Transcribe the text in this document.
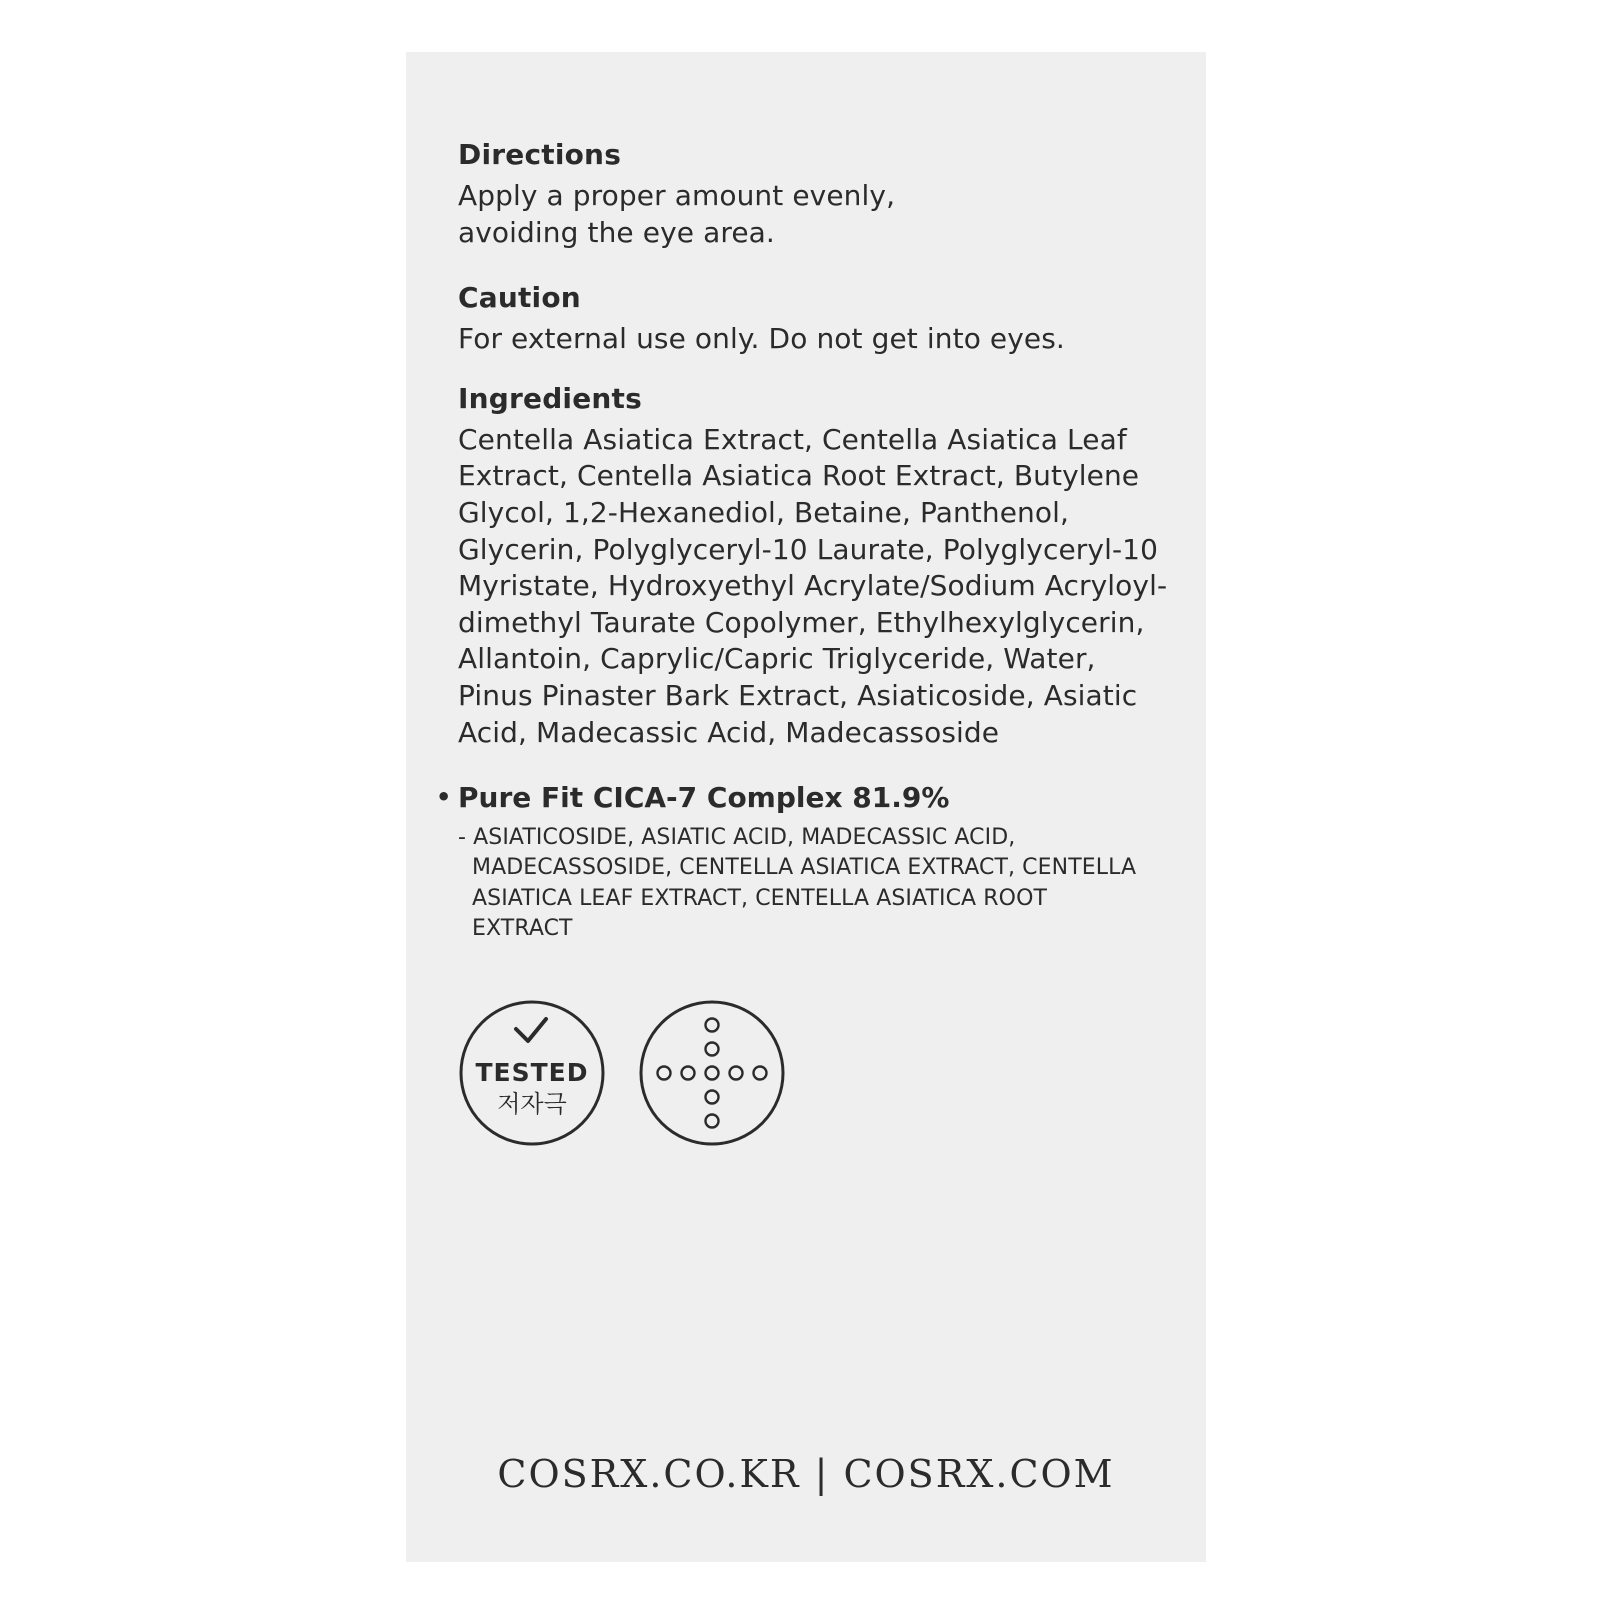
Directions

Apply a proper amount evenly, avoiding the eye area.

Caution

For external use only. Do not get into eyes.

Ingredients

Centella Asiatica Extract, Centella Asiatica Leaf Extract, Centella Asiatica Root Extract, Butylene Glycol, 1,2-Hexanediol, Betaine, Panthenol, Glycerin, Polyglyceryl-10 Laurate, Polyglyceryl-10 Myristate, Hydroxyethyl Acrylate/Sodium Acryloyldimethyl Taurate Copolymer, Ethylhexylglycerin, Allantoin, Caprylic/Capric Triglyceride, Water, Pinus Pinaster Bark Extract, Asiaticoside, Asiatic Acid, Madecassic Acid, Madecassoside

• Pure Fit CICA-7 Complex 81.9%

- ASIATICOSIDE, ASIATIC ACID, MADECASSIC ACID, MADECASSOSIDE, CENTELLA ASIATICA EXTRACT, CENTELLA ASIATICA LEAF EXTRACT, CENTELLA ASIATICA ROOT EXTRACT

TESTED
저자극
COSRX.CO.KR | COSRX.COM
